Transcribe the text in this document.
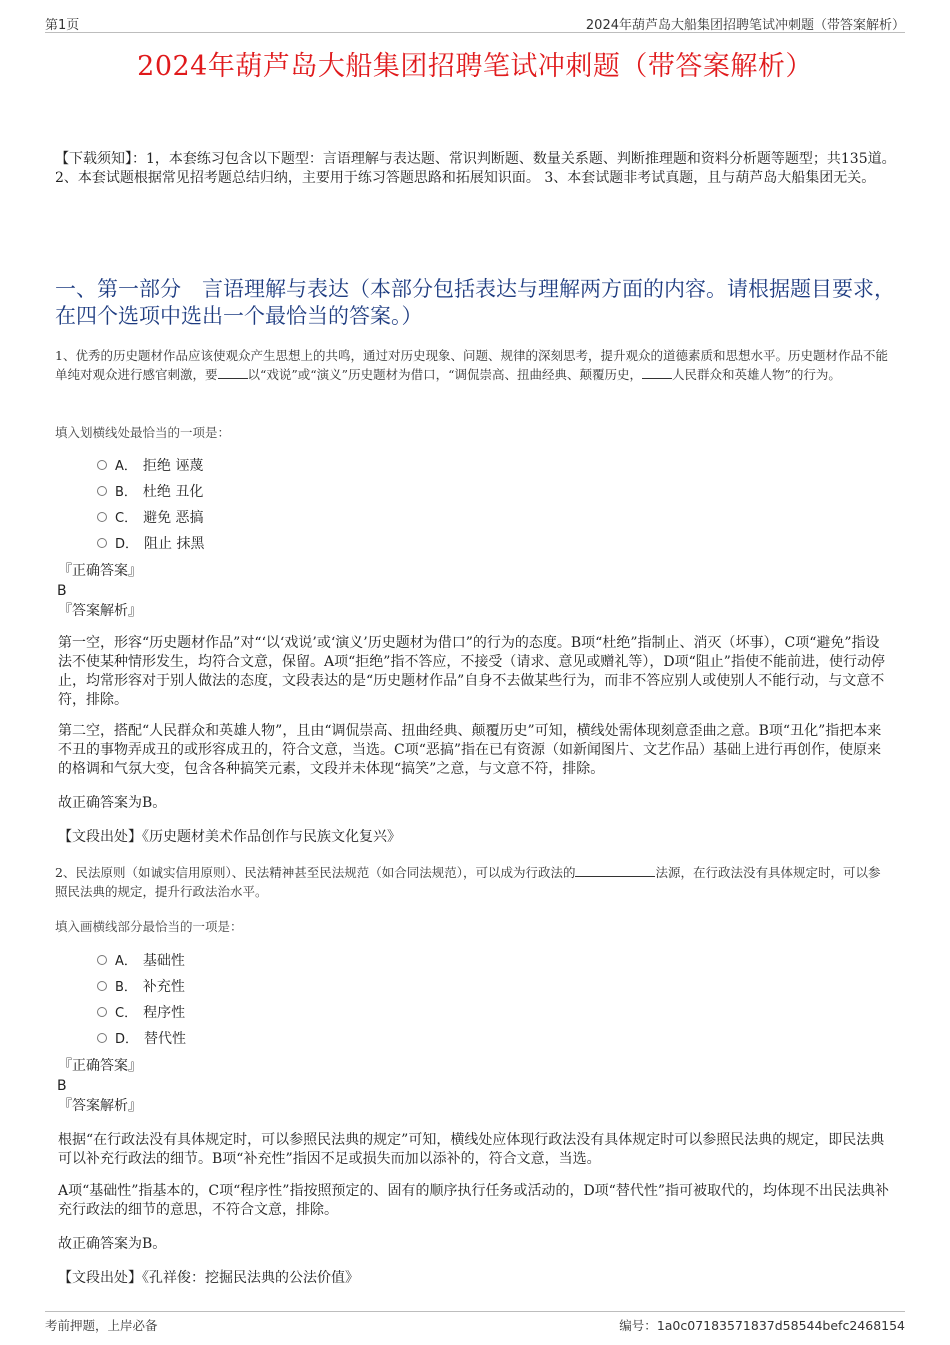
第1页	2024年葫芦岛大船集团招聘笔试冲刺题（带答案解析）
2024年葫芦岛大船集团招聘笔试冲刺题（带答案解析）
【下载须知】：1，本套练习包含以下题型：言语理解与表达题、常识判断题、数量关系题、判断推理题和资料分析题等题型；共135道。 2、本套试题根据常见招考题总结归纳，主要用于练习答题思路和拓展知识面。 3、本套试题非考试真题，且与葫芦岛大船集团无关。
一、第一部分　言语理解与表达（本部分包括表达与理解两方面的内容。请根据题目要求，在四个选项中选出一个最恰当的答案。）
1、优秀的历史题材作品应该使观众产生思想上的共鸣，通过对历史现象、问题、规律的深刻思考，提升观众的道德素质和思想水平。历史题材作品不能单纯对观众进行感官刺激，要 以“戏说”或“演义”历史题材为借口，“调侃崇高、扭曲经典、颠覆历史， 人民群众和英雄人物”的行为。
填入划横线处最恰当的一项是：
A． 拒绝 诬蔑
B． 杜绝 丑化
C． 避免 恶搞
D． 阻止 抹黑
『正确答案』
B
『答案解析』
第一空，形容“历史题材作品”对“‘以‘戏说’或‘演义’历史题材为借口”的行为的态度。B项“杜绝”指制止、消灭（坏事），C项“避免”指设法不使某种情形发生，均符合文意，保留。A项“拒绝”指不答应，不接受（请求、意见或赠礼等），D项“阻止”指使不能前进，使行动停止，均常形容对于别人做法的态度，文段表达的是“历史题材作品”自身不去做某些行为，而非不答应别人或使别人不能行动，与文意不符，排除。
第二空，搭配“人民群众和英雄人物”，且由“调侃崇高、扭曲经典、颠覆历史”可知，横线处需体现刻意歪曲之意。B项“丑化”指把本来不丑的事物弄成丑的或形容成丑的，符合文意，当选。C项“恶搞”指在已有资源（如新闻图片、文艺作品）基础上进行再创作，使原来的格调和气氛大变，包含各种搞笑元素，文段并未体现“搞笑”之意，与文意不符，排除。
故正确答案为B。
【文段出处】《历史题材美术作品创作与民族文化复兴》
2、民法原则（如诚实信用原则）、民法精神甚至民法规范（如合同法规范），可以成为行政法的	法源，在行政法没有具体规定时，可以参照民法典的规定，提升行政法治水平。
填入画横线部分最恰当的一项是：
A． 基础性
B． 补充性
C． 程序性
D． 替代性
『正确答案』
B
『答案解析』
根据“在行政法没有具体规定时，可以参照民法典的规定”可知，横线处应体现行政法没有具体规定时可以参照民法典的规定，即民法典可以补充行政法的细节。B项“补充性”指因不足或损失而加以添补的，符合文意，当选。
A项“基础性”指基本的，C项“程序性”指按照预定的、固有的顺序执行任务或活动的，D项“替代性”指可被取代的，均体现不出民法典补充行政法的细节的意思，不符合文意，排除。
故正确答案为B。
【文段出处】《孔祥俊：挖掘民法典的公法价值》
考前押题，上岸必备	编号：1a0c07183571837d58544befc2468154
